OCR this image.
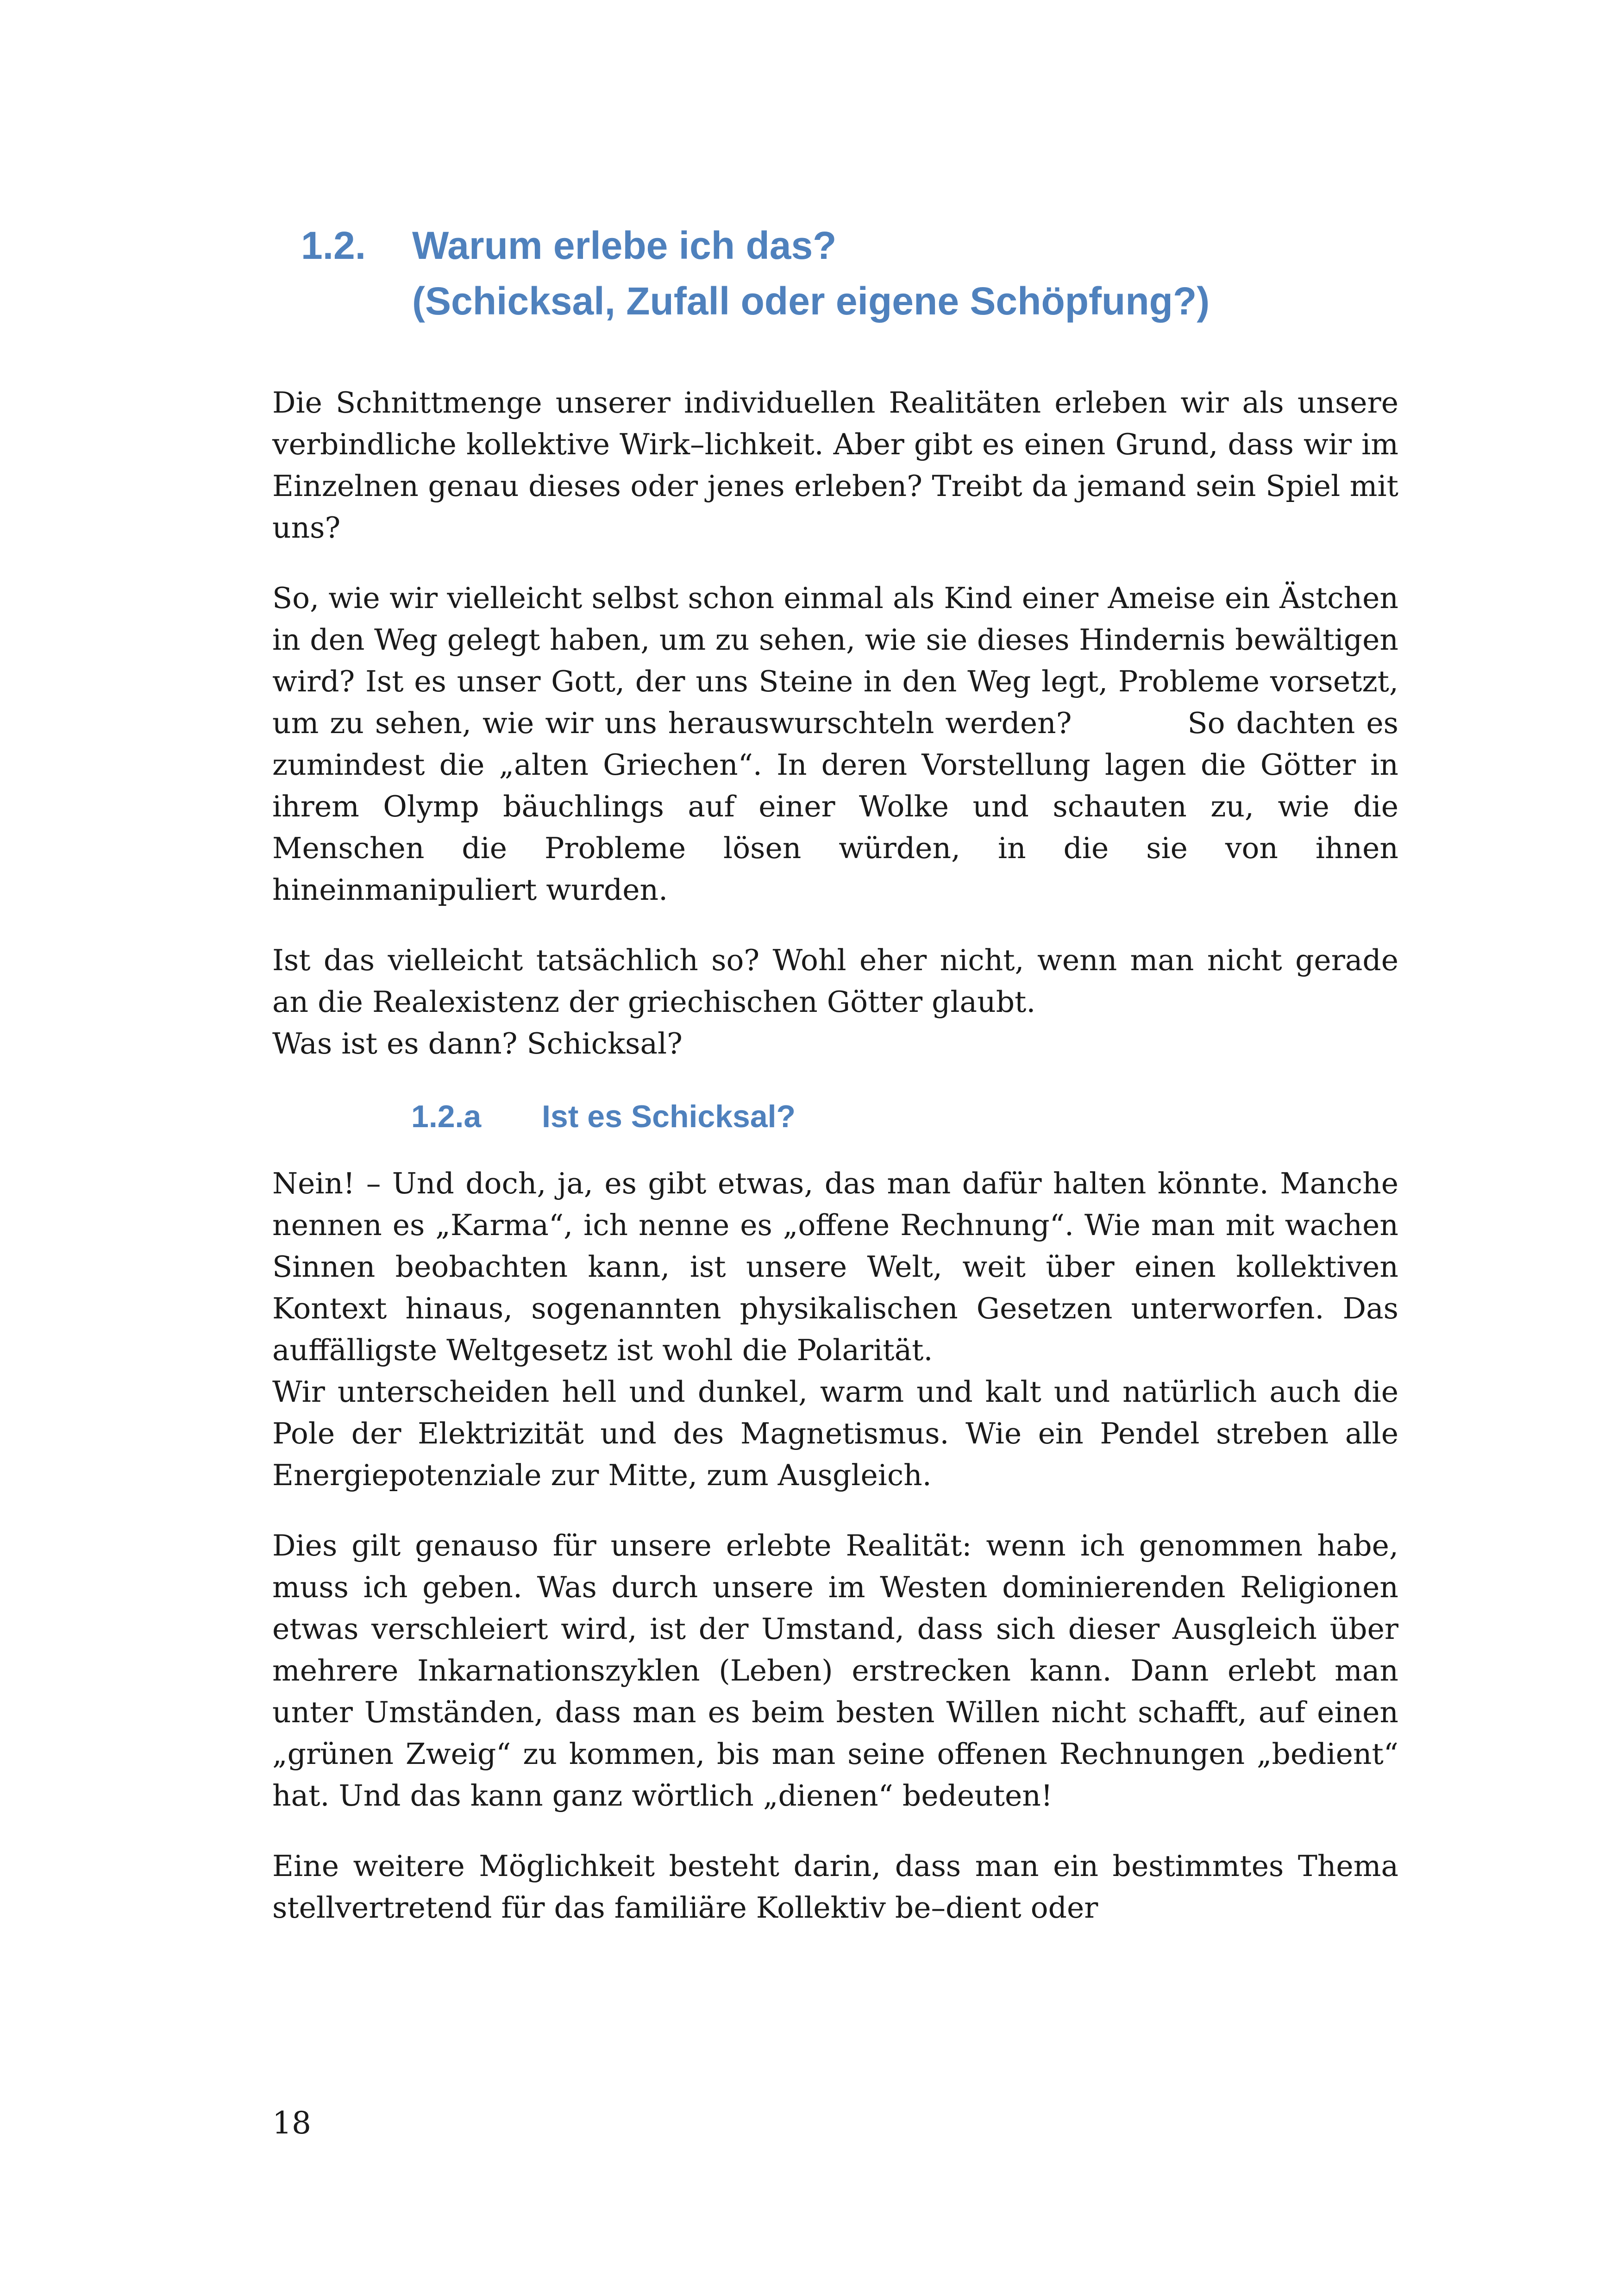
1.2. Warum erlebe ich das?
(Schicksal, Zufall oder eigene Schöpfung?)

Die Schnittmenge unserer individuellen Realitäten erleben wir als unsere verbindliche kollektive Wirk–lichkeit. Aber gibt es einen Grund, dass wir im Einzelnen genau dieses oder jenes erleben? Treibt da jemand sein Spiel mit uns?

So, wie wir vielleicht selbst schon einmal als Kind einer Ameise ein Ästchen in den Weg gelegt haben, um zu sehen, wie sie dieses Hindernis bewältigen wird? Ist es unser Gott, der uns Steine in den Weg legt, Probleme vorsetzt, um zu sehen, wie wir uns herauswurschteln werden?	So dachten es zumindest die „alten Griechen“. In deren Vorstellung lagen die Götter in ihrem Olymp bäuchlings auf einer Wolke und schauten zu, wie die Menschen die Probleme lösen würden, in die sie von ihnen hineinmanipuliert wurden.

Ist das vielleicht tatsächlich so? Wohl eher nicht, wenn man nicht gerade an die Realexistenz der griechischen Götter glaubt.
Was ist es dann? Schicksal?

1.2.a Ist es Schicksal?

Nein! – Und doch, ja, es gibt etwas, das man dafür halten könnte. Manche nennen es „Karma“, ich nenne es „offene Rechnung“. Wie man mit wachen Sinnen beobachten kann, ist unsere Welt, weit über einen kollektiven Kontext hinaus, sogenannten physikalischen Gesetzen unterworfen. Das auffälligste Weltgesetz ist wohl die Polarität.
Wir unterscheiden hell und dunkel, warm und kalt und natürlich auch die Pole der Elektrizität und des Magnetismus. Wie ein Pendel streben alle Energiepotenziale zur Mitte, zum Ausgleich.

Dies gilt genauso für unsere erlebte Realität: wenn ich genommen habe, muss ich geben. Was durch unsere im Westen dominierenden Religionen etwas verschleiert wird, ist der Umstand, dass sich dieser Ausgleich über mehrere Inkarnationszyklen (Leben) erstrecken kann. Dann erlebt man unter Umständen, dass man es beim besten Willen nicht schafft, auf einen „grünen Zweig“ zu kommen, bis man seine offenen Rechnungen „bedient“ hat. Und das kann ganz wörtlich „dienen“ bedeuten!

Eine weitere Möglichkeit besteht darin, dass man ein bestimmtes Thema stellvertretend für das familiäre Kollektiv be–dient oder

18
